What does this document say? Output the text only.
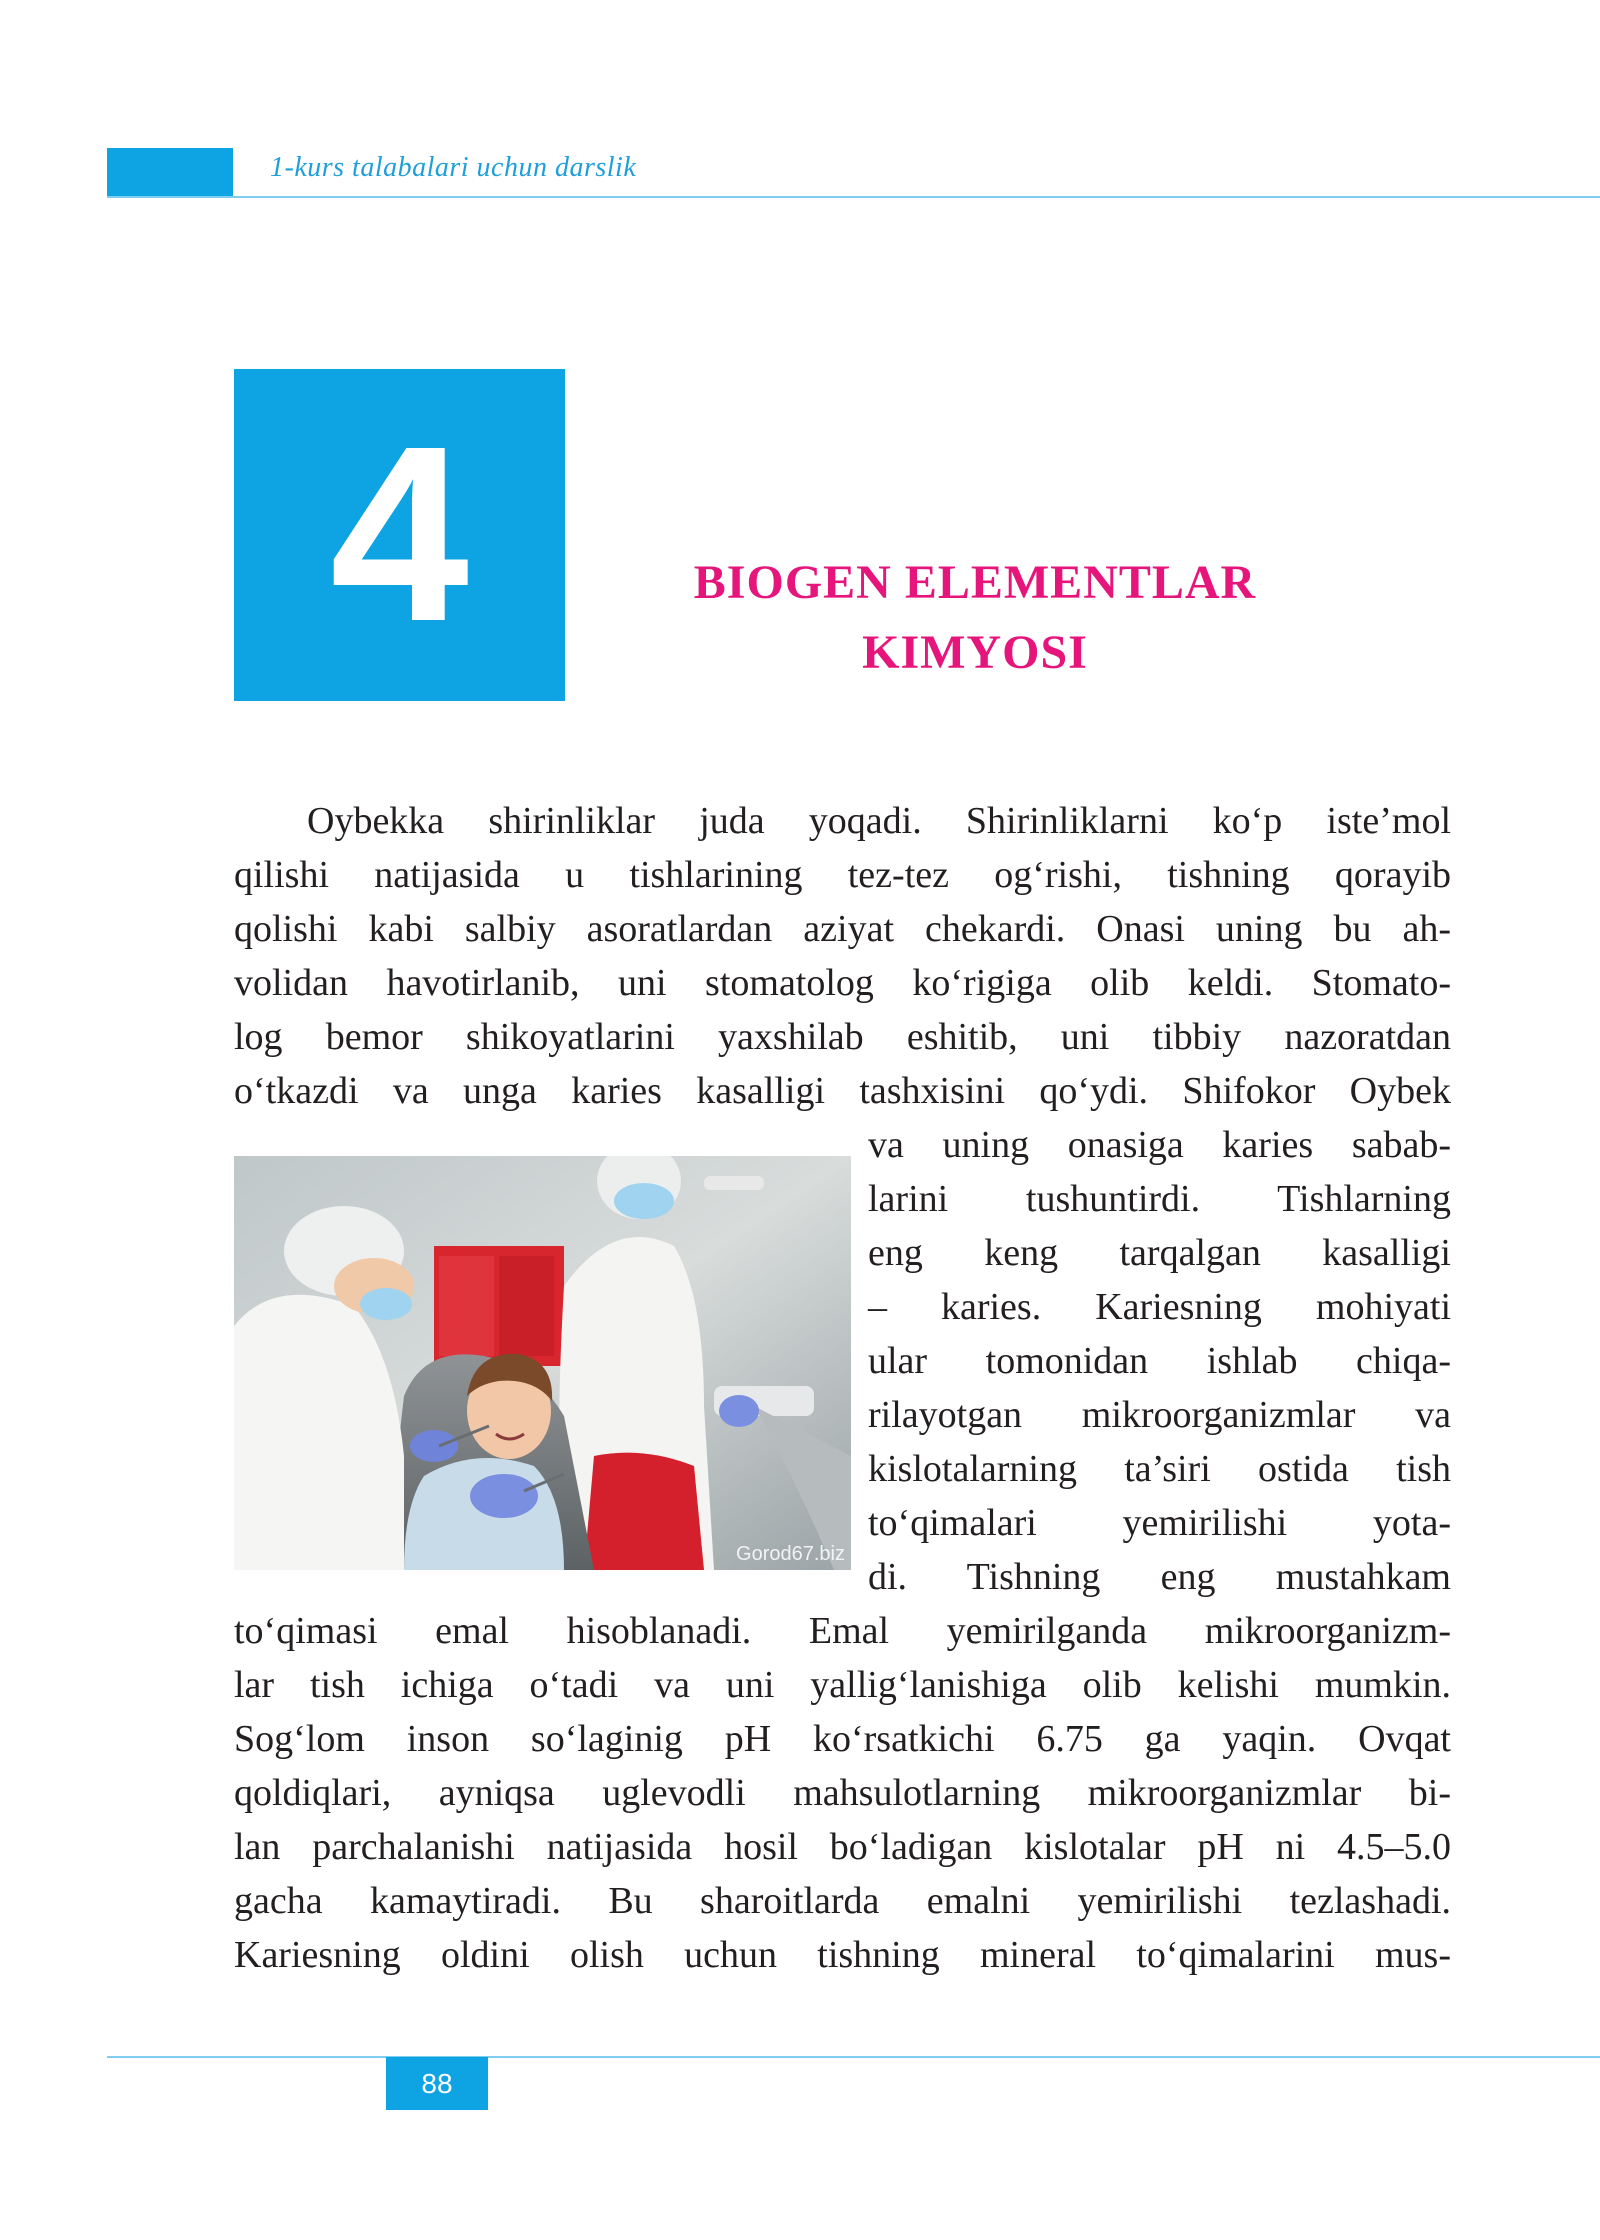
1-kurs talabalari uchun darslik
4	BIOGEN ELEMENTLAR
KIMYOSI
Oybekka shirinliklar juda yoqadi. Shirinliklarni ko‘p iste’mol
qilishi natijasida u tishlarining tez-tez og‘rishi, tishning qorayib
qolishi kabi salbiy asoratlardan aziyat chekardi. Onasi uning bu ah-
volidan havotirlanib, uni stomatolog ko‘rigiga olib keldi. Stomato-
log bemor shikoyatlarini yaxshilab eshitib, uni tibbiy nazoratdan
o‘tkazdi va unga karies kasalligi tashxisini qo‘ydi. Shifokor Oybek
va uning onasiga karies sabab-
larini tushuntirdi. Tishlarning
eng keng tarqalgan kasalligi
– karies. Kariesning mohiyati
ular tomonidan ishlab chiqa-
rilayotgan mikroorganizmlar va
kislotalarning ta’siri ostida tish
to‘qimalari yemirilishi yota-
di. Tishning eng mustahkam
to‘qimasi emal hisoblanadi. Emal yemirilganda mikroorganizm-
lar tish ichiga o‘tadi va uni yallig‘lanishiga olib kelishi mumkin.
Sog‘lom inson so‘laginig pH ko‘rsatkichi 6.75 ga yaqin. Ovqat
qoldiqlari, ayniqsa uglevodli mahsulotlarning mikroorganizmlar bi-
lan parchalanishi natijasida hosil bo‘ladigan kislotalar pH ni 4.5–5.0
gacha kamaytiradi. Bu sharoitlarda emalni yemirilishi tezlashadi.
Kariesning oldini olish uchun tishning mineral to‘qimalarini mus-
Gorod67.biz
88
